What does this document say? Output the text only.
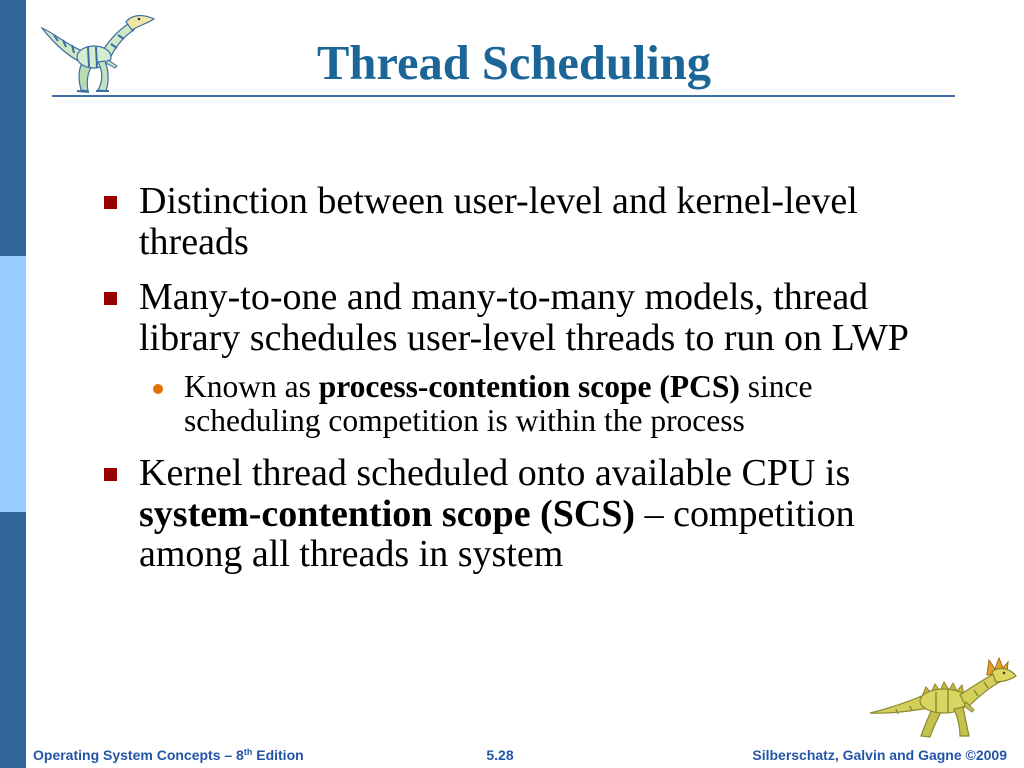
Thread Scheduling
Distinction between user-level and kernel-level threads
Many-to-one and many-to-many models, thread library schedules user-level threads to run on LWP
Known as process-contention scope (PCS) since scheduling competition is within the process
Kernel thread scheduled onto available CPU is system-contention scope (SCS) – competition among all threads in system
Operating System Concepts – 8th Edition	5.28	Silberschatz, Galvin and Gagne ©2009
